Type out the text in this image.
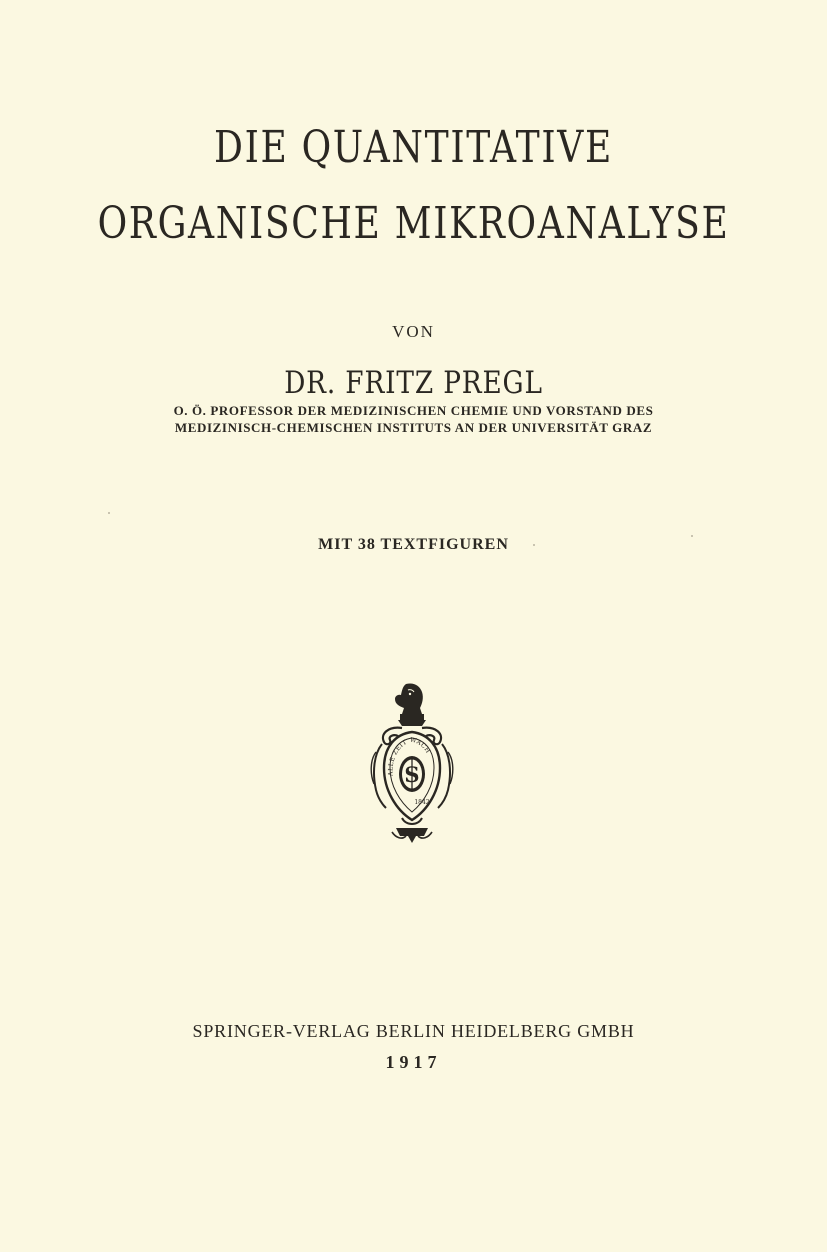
DIE QUANTITATIVE
ORGANISCHE MIKROANALYSE
VON
DR. FRITZ PREGL
O. Ö. PROFESSOR DER MEDIZINISCHEN CHEMIE UND VORSTAND DES
MEDIZINISCH-CHEMISCHEN INSTITUTS AN DER UNIVERSITÄT GRAZ
MIT 38 TEXTFIGUREN
ALLE ZEIT WACH
S
1842
SPRINGER-VERLAG BERLIN HEIDELBERG GMBH
1917
